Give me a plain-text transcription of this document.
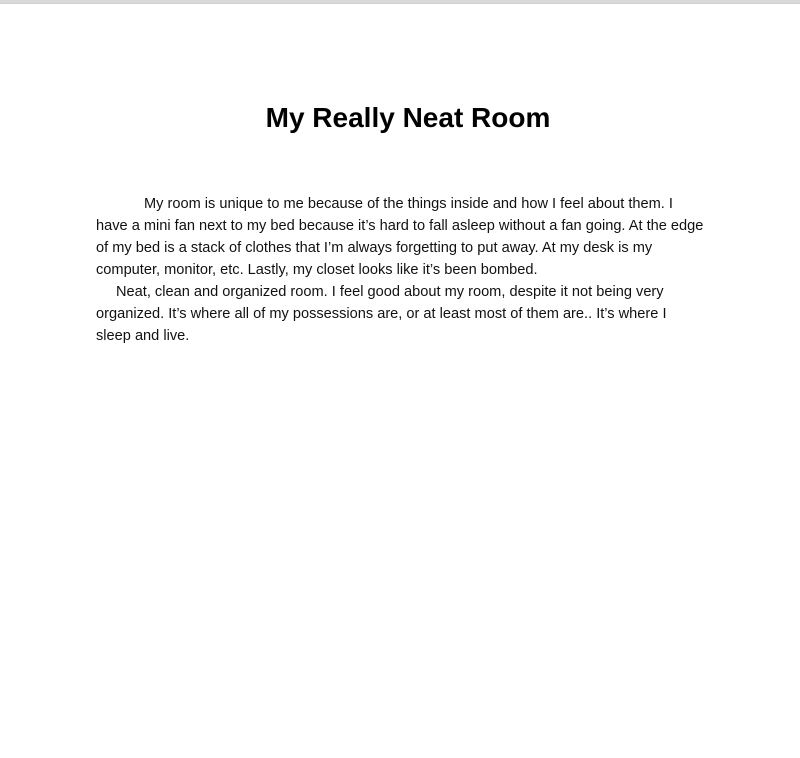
My Really Neat Room

My room is unique to me because of the things inside and how I feel about them. I have a mini fan next to my bed because it’s hard to fall asleep without a fan going. At the edge of my bed is a stack of clothes that I’m always forgetting to put away. At my desk is my computer, monitor, etc. Lastly, my closet looks like it’s been bombed.

Neat, clean and organized room. I feel good about my room, despite it not being very organized. It’s where all of my possessions are, or at least most of them are.. It’s where I sleep and live.
